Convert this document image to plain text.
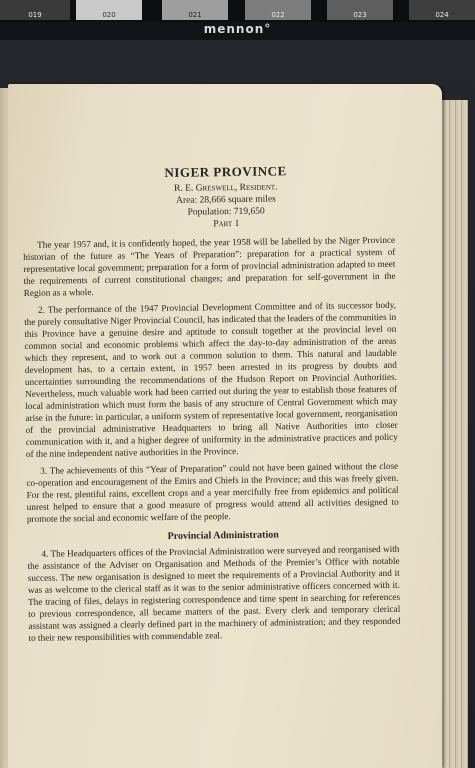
019	020	021	022	023	024
mennon°
NIGER PROVINCE
R. E. Greswell, Resident.
Area: 28,666 square miles
Population: 719,650
Part 1

The year 1957 and, it is confidently hoped, the year 1958 will be labelled by the Niger Province historian of the future as “The Years of Preparation”: preparation for a practical system of representative local government; preparation for a form of provincial administration adapted to meet the requirements of current constitutional changes; and preparation for self-government in the Region as a whole.

2. The performance of the 1947 Provincial Development Committee and of its successor body, the purely consultative Niger Provincial Council, has indicated that the leaders of the communities in this Province have a genuine desire and aptitude to consult together at the provincial level on common social and economic problems which affect the day-to-day administration of the areas which they represent, and to work out a common solution to them. This natural and laudable development has, to a certain extent, in 1957 been arrested in its progress by doubts and uncertainties surrounding the recommendations of the Hudson Report on Provincial Authorities. Nevertheless, much valuable work had been carried out during the year to establish those features of local administration which must form the basis of any structure of Central Government which may arise in the future: in particular, a uniform system of representative local government, reorganisation of the provincial administrative Headquarters to bring all Native Authorities into closer communication with it, and a higher degree of uniformity in the administrative practices and policy of the nine independent native authorities in the Province.

3. The achievements of this “Year of Preparation” could not have been gained without the close co-operation and encouragement of the Emirs and Chiefs in the Province; and this was freely given. For the rest, plentiful rains, excellent crops and a year mercifully free from epidemics and political unrest helped to ensure that a good measure of progress would attend all activities designed to promote the social and economic welfare of the people.

Provincial Administration

4. The Headquarters offices of the Provincial Administration were surveyed and reorganised with the assistance of the Adviser on Organisation and Methods of the Premier’s Office with notable success. The new organisation is designed to meet the requirements of a Provincial Authority and it was as welcome to the clerical staff as it was to the senior administrative officers concerned with it. The tracing of files, delays in registering correspondence and time spent in searching for references to previous correspondence, all became matters of the past. Every clerk and temporary clerical assistant was assigned a clearly defined part in the machinery of administration; and they responded to their new responsibilities with commendable zeal.
